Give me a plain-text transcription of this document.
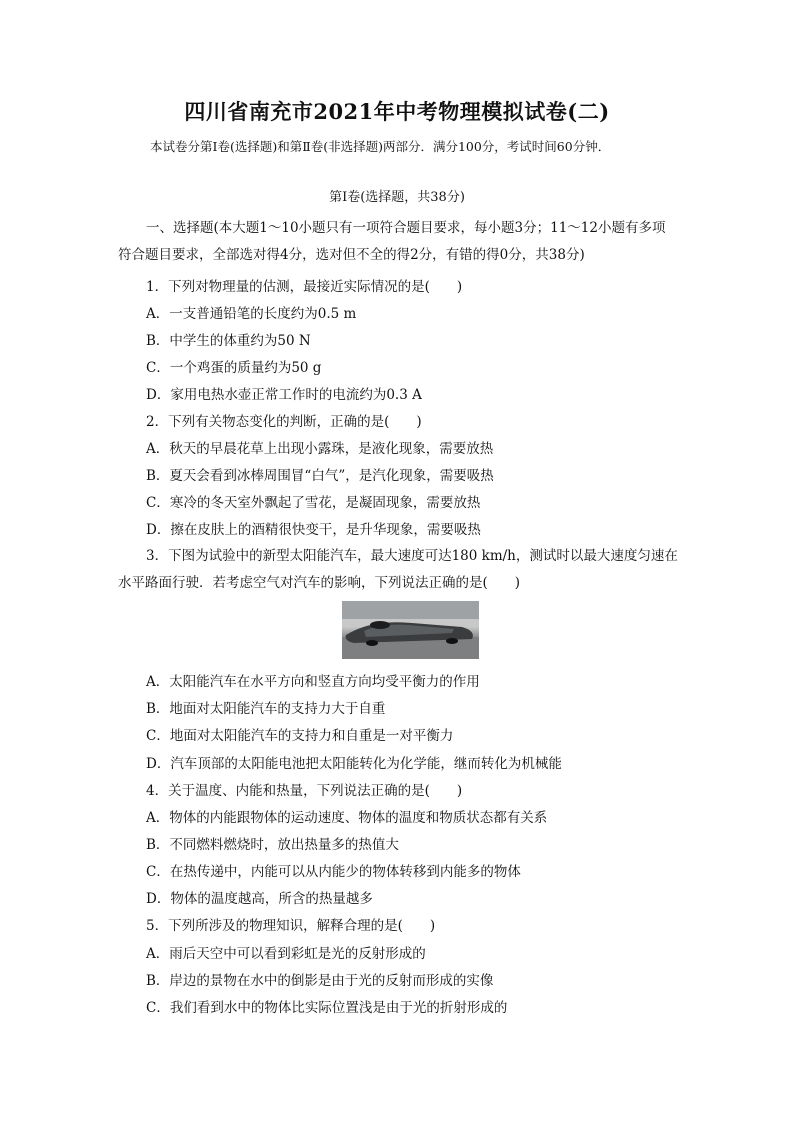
四川省南充市2021年中考物理模拟试卷(二)
本试卷分第Ⅰ卷(选择题)和第Ⅱ卷(非选择题)两部分．满分100分，考试时间60分钟．
第Ⅰ卷(选择题，共38分)
一、选择题(本大题1～10小题只有一项符合题目要求，每小题3分；11～12小题有多项符合题目要求，全部选对得4分，选对但不全的得2分，有错的得0分，共38分)
1．下列对物理量的估测，最接近实际情况的是(　　)
A．一支普通铅笔的长度约为0.5 m
B．中学生的体重约为50 N
C．一个鸡蛋的质量约为50 g
D．家用电热水壶正常工作时的电流约为0.3 A
2．下列有关物态变化的判断，正确的是(　　)
A．秋天的早晨花草上出现小露珠，是液化现象，需要放热
B．夏天会看到冰棒周围冒“白气”，是汽化现象，需要吸热
C．寒冷的冬天室外飘起了雪花，是凝固现象，需要放热
D．擦在皮肤上的酒精很快变干，是升华现象，需要吸热
3．下图为试验中的新型太阳能汽车，最大速度可达180 km/h，测试时以最大速度匀速在水平路面行驶．若考虑空气对汽车的影响，下列说法正确的是(　　)
A．太阳能汽车在水平方向和竖直方向均受平衡力的作用
B．地面对太阳能汽车的支持力大于自重
C．地面对太阳能汽车的支持力和自重是一对平衡力
D．汽车顶部的太阳能电池把太阳能转化为化学能，继而转化为机械能
4．关于温度、内能和热量，下列说法正确的是(　　)
A．物体的内能跟物体的运动速度、物体的温度和物质状态都有关系
B．不同燃料燃烧时，放出热量多的热值大
C．在热传递中，内能可以从内能少的物体转移到内能多的物体
D．物体的温度越高，所含的热量越多
5．下列所涉及的物理知识，解释合理的是(　　)
A．雨后天空中可以看到彩虹是光的反射形成的
B．岸边的景物在水中的倒影是由于光的反射而形成的实像
C．我们看到水中的物体比实际位置浅是由于光的折射形成的
